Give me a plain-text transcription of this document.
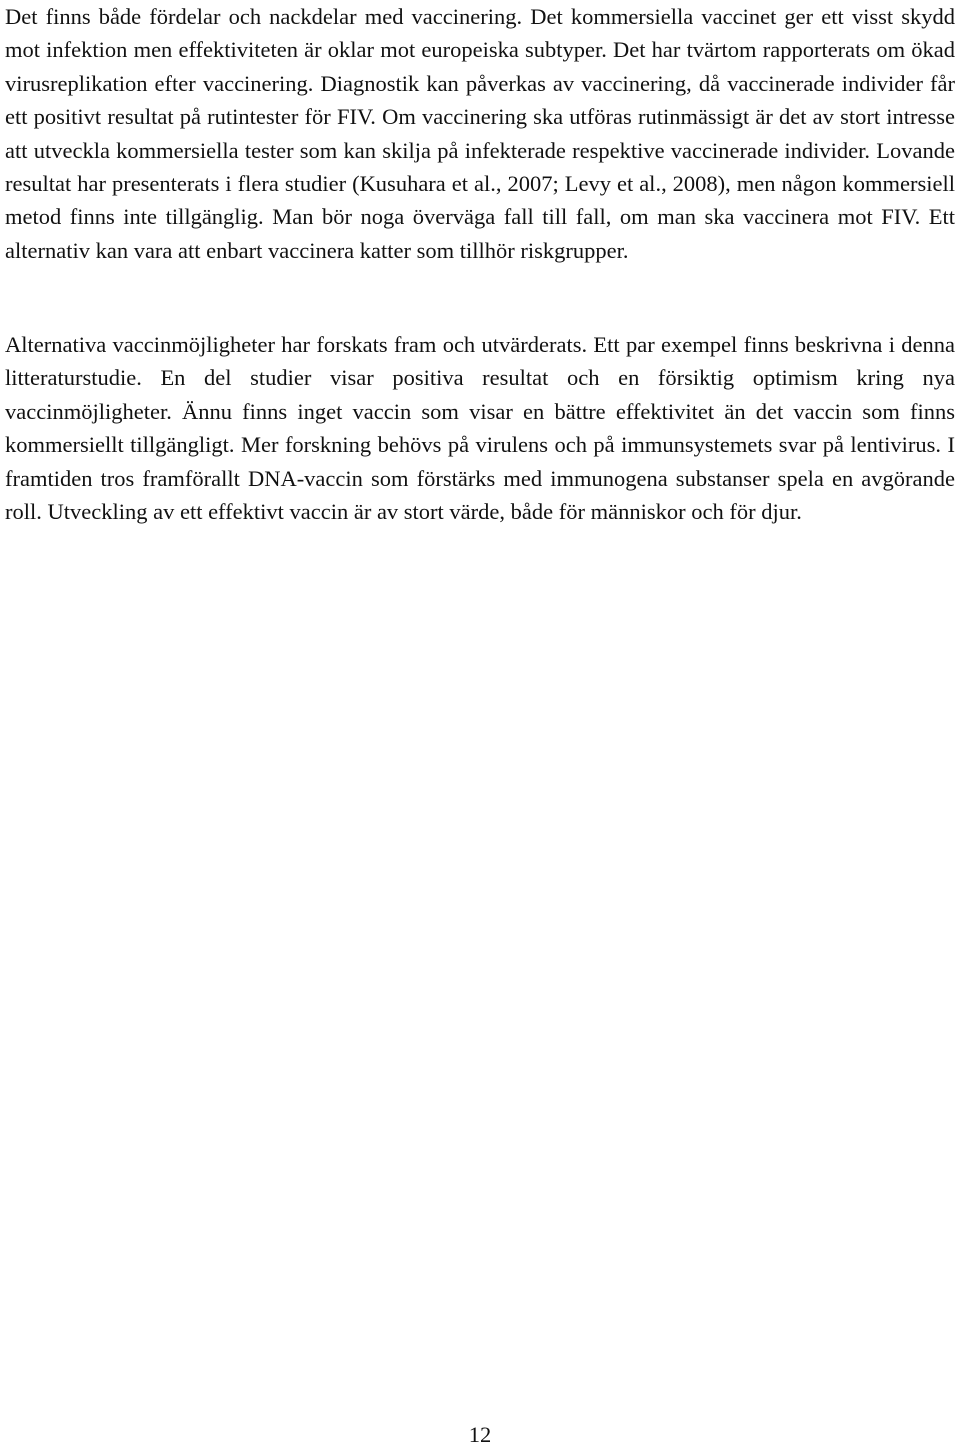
Det finns både fördelar och nackdelar med vaccinering. Det kommersiella vaccinet ger ett visst skydd mot infektion men effektiviteten är oklar mot europeiska subtyper. Det har tvärtom rapporterats om ökad virusreplikation efter vaccinering. Diagnostik kan påverkas av vaccinering, då vaccinerade individer får ett positivt resultat på rutintester för FIV. Om vaccinering ska utföras rutinmässigt är det av stort intresse att utveckla kommersiella tester som kan skilja på infekterade respektive vaccinerade individer. Lovande resultat har presenterats i flera studier (Kusuhara et al., 2007; Levy et al., 2008), men någon kommersiell metod finns inte tillgänglig. Man bör noga överväga fall till fall, om man ska vaccinera mot FIV. Ett alternativ kan vara att enbart vaccinera katter som tillhör riskgrupper.

Alternativa vaccinmöjligheter har forskats fram och utvärderats. Ett par exempel finns beskrivna i denna litteraturstudie. En del studier visar positiva resultat och en försiktig optimism kring nya vaccinmöjligheter. Ännu finns inget vaccin som visar en bättre effektivitet än det vaccin som finns kommersiellt tillgängligt. Mer forskning behövs på virulens och på immunsystemets svar på lentivirus. I framtiden tros framförallt DNA-vaccin som förstärks med immunogena substanser spela en avgörande roll. Utveckling av ett effektivt vaccin är av stort värde, både för människor och för djur.

12
